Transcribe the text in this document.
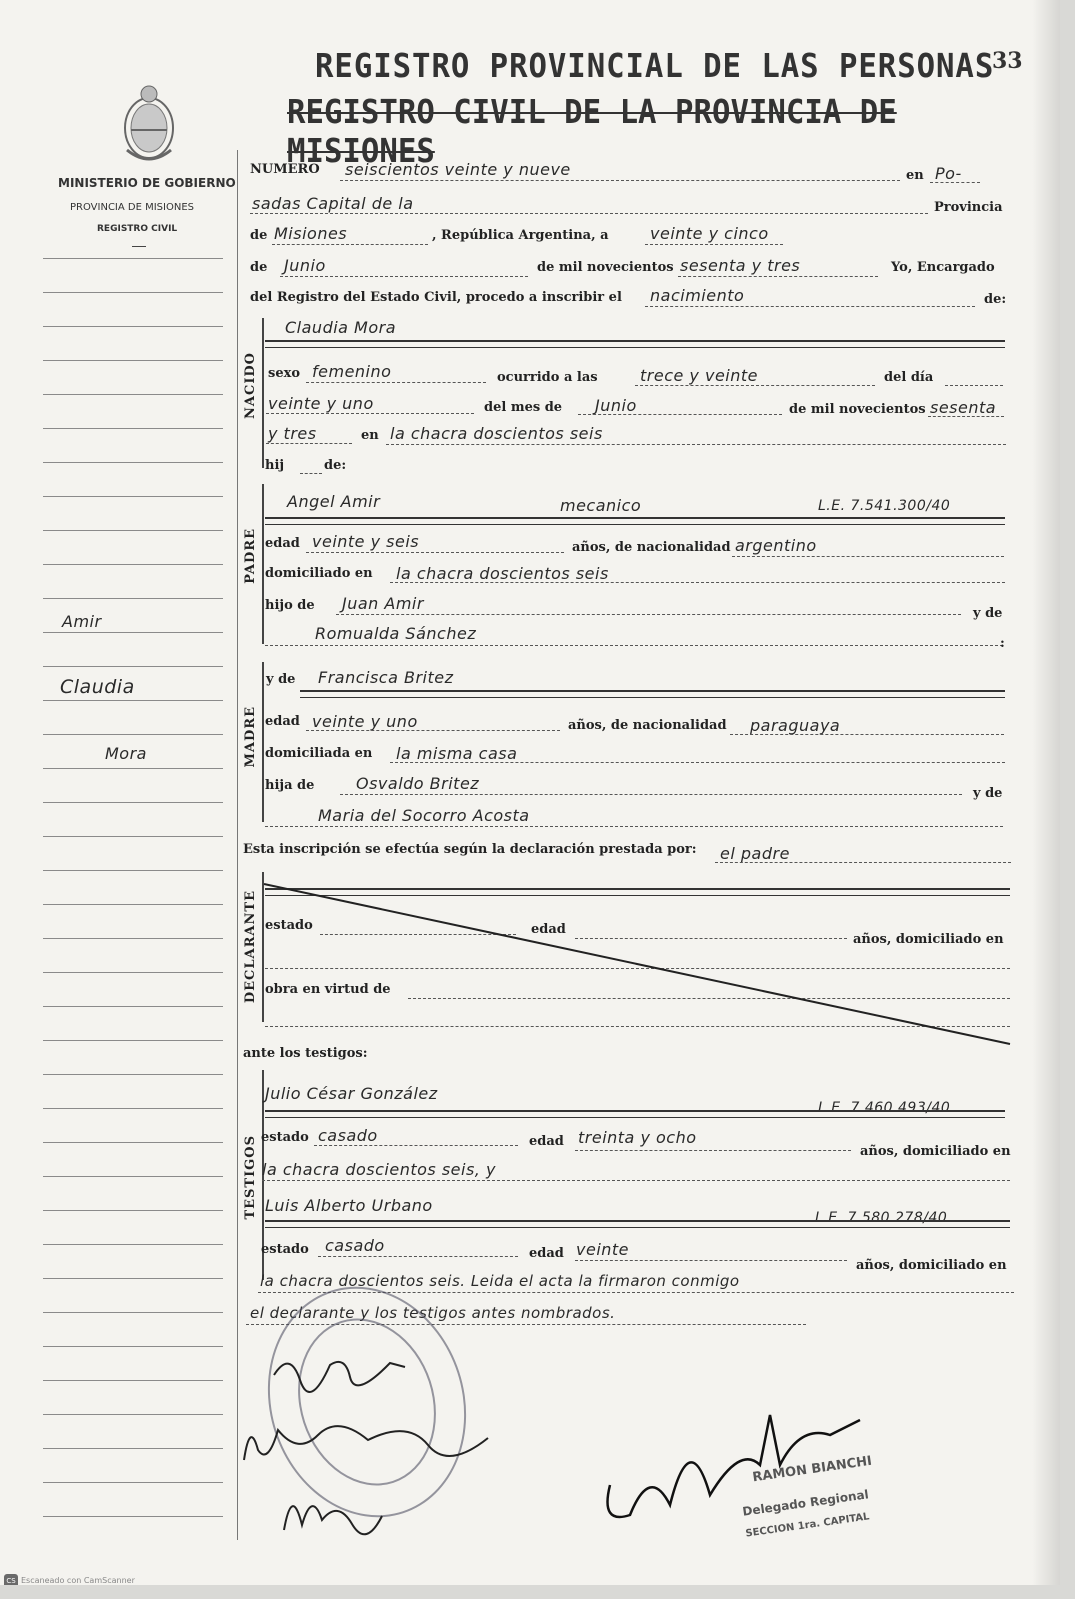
REGISTRO PROVINCIAL DE LAS PERSONAS
33
REGISTRO CIVIL DE LA PROVINCIA DE MISIONES
MINISTERIO DE GOBIERNO
PROVINCIA DE MISIONES
REGISTRO CIVIL
Amir
Claudia
Mora
NUMERO seiscientos veinte y nueve	en Po-
sadas Capital de la	Provincia
de Misiones	, República Argentina, a	veinte y cinco
de Junio	de mil novecientos sesenta y tres	Yo, Encargado
del Registro del Estado Civil, procedo a inscribir el nacimiento	de:
NACIDO
Claudia Mora
sexo femenino	ocurrido a las	trece y veinte	del día
veinte y uno	del mes de Junio	de mil novecientos sesenta
y tres	en la chacra doscientos seis
hij	de:
PADRE
Angel Amir	mecanico	L.E. 7.541.300/40
edad veinte y seis	años, de nacionalidad argentino
domiciliado en la chacra doscientos seis
hijo de Juan Amir
y de
Romualda Sánchez
:
MADRE
y de Francisca Britez
edad veinte y uno	años, de nacionalidad paraguaya
domiciliada en la misma casa
hija de	Osvaldo Britez
y de
Maria del Socorro Acosta
Esta inscripción se efectúa según la declaración prestada por: el padre
DECLARANTE estado	edad
años, domiciliado en
obra en virtud de
ante los testigos:
TESTIGOS
Julio César González
L.E. 7.460.493/40
estado casado	edad treinta y ocho
años, domiciliado en
la chacra doscientos seis, y
Luis Alberto Urbano
L.E. 7.580.278/40
estado casado	edad veinte
años, domiciliado en
la chacra doscientos seis. Leida el acta la firmaron conmigo
el declarante y los testigos antes nombrados.
RAMON BIANCHI
Delegado Regional
SECCION 1ra. CAPITAL
CS Escaneado con CamScanner
